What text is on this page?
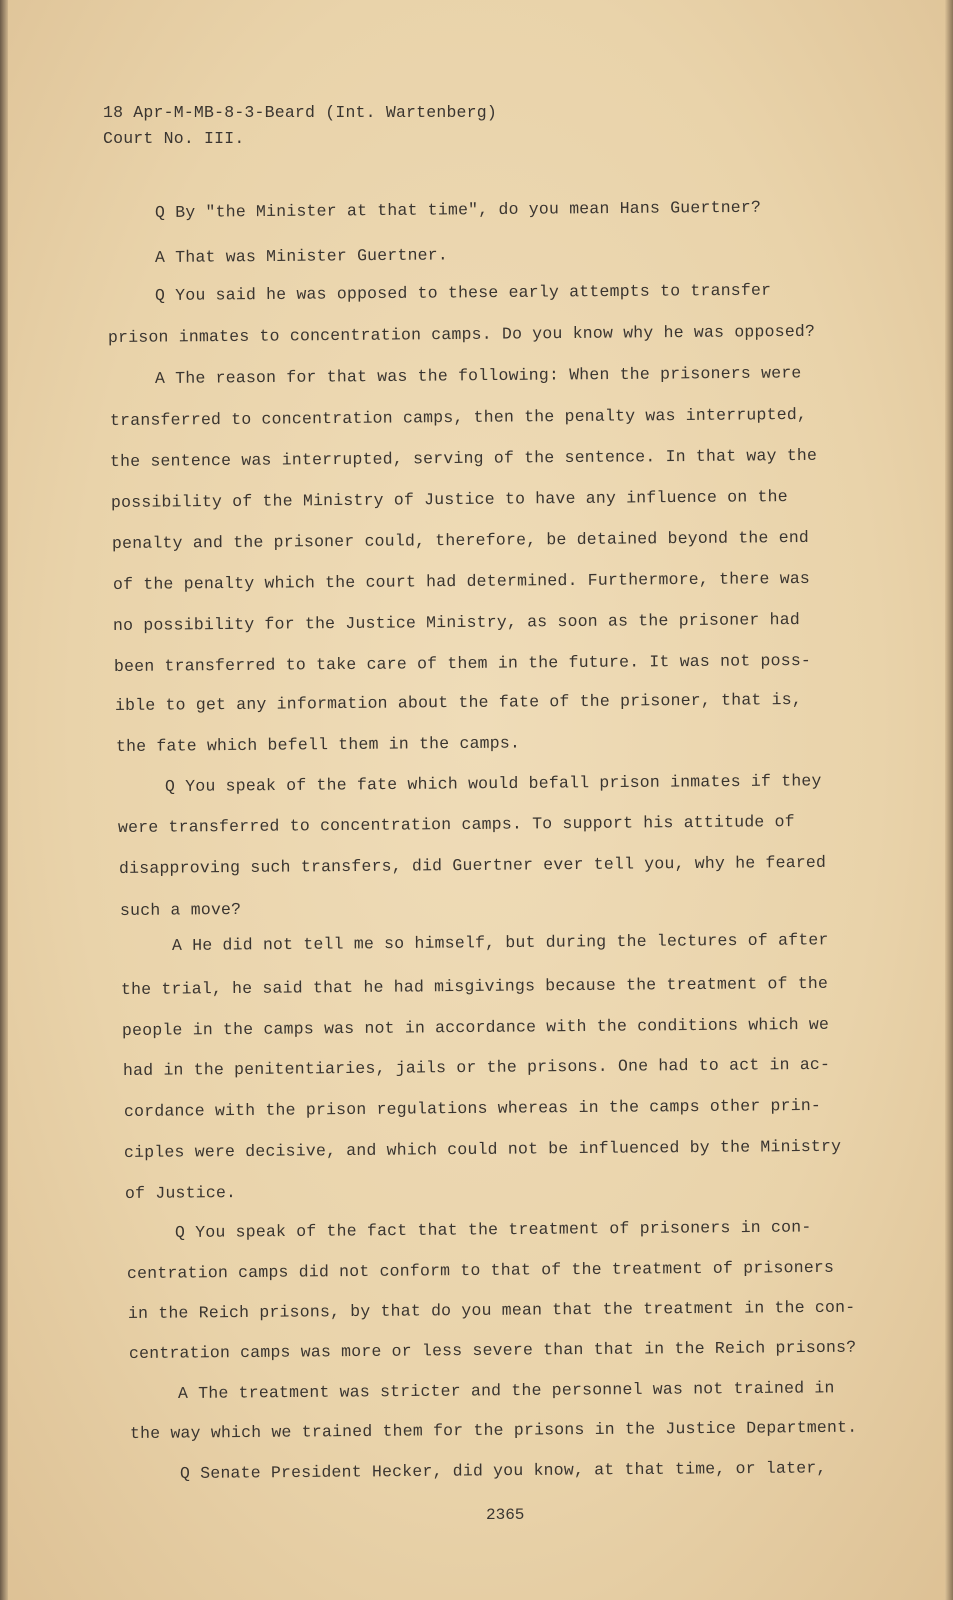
18 Apr-M-MB-8-3-Beard (Int. Wartenberg)
Court No. III.
Q By "the Minister at that time", do you mean Hans Guertner?
A That was Minister Guertner.
Q You said he was opposed to these early attempts to transfer
prison inmates to concentration camps. Do you know why he was opposed?
A The reason for that was the following: When the prisoners were
transferred to concentration camps, then the penalty was interrupted,
the sentence was interrupted, serving of the sentence. In that way the
possibility of the Ministry of Justice to have any influence on the
penalty and the prisoner could, therefore, be detained beyond the end
of the penalty which the court had determined. Furthermore, there was
no possibility for the Justice Ministry, as soon as the prisoner had
been transferred to take care of them in the future. It was not poss-
ible to get any information about the fate of the prisoner, that is,
the fate which befell them in the camps.
Q You speak of the fate which would befall prison inmates if they
were transferred to concentration camps. To support his attitude of
disapproving such transfers, did Guertner ever tell you, why he feared
such a move?
A He did not tell me so himself, but during the lectures of after
the trial, he said that he had misgivings because the treatment of the
people in the camps was not in accordance with the conditions which we
had in the penitentiaries, jails or the prisons. One had to act in ac-
cordance with the prison regulations whereas in the camps other prin-
ciples were decisive, and which could not be influenced by the Ministry
of Justice.
Q You speak of the fact that the treatment of prisoners in con-
centration camps did not conform to that of the treatment of prisoners
in the Reich prisons, by that do you mean that the treatment in the con-
centration camps was more or less severe than that in the Reich prisons?
A The treatment was stricter and the personnel was not trained in
the way which we trained them for the prisons in the Justice Department.
Q Senate President Hecker, did you know, at that time, or later,
2365
